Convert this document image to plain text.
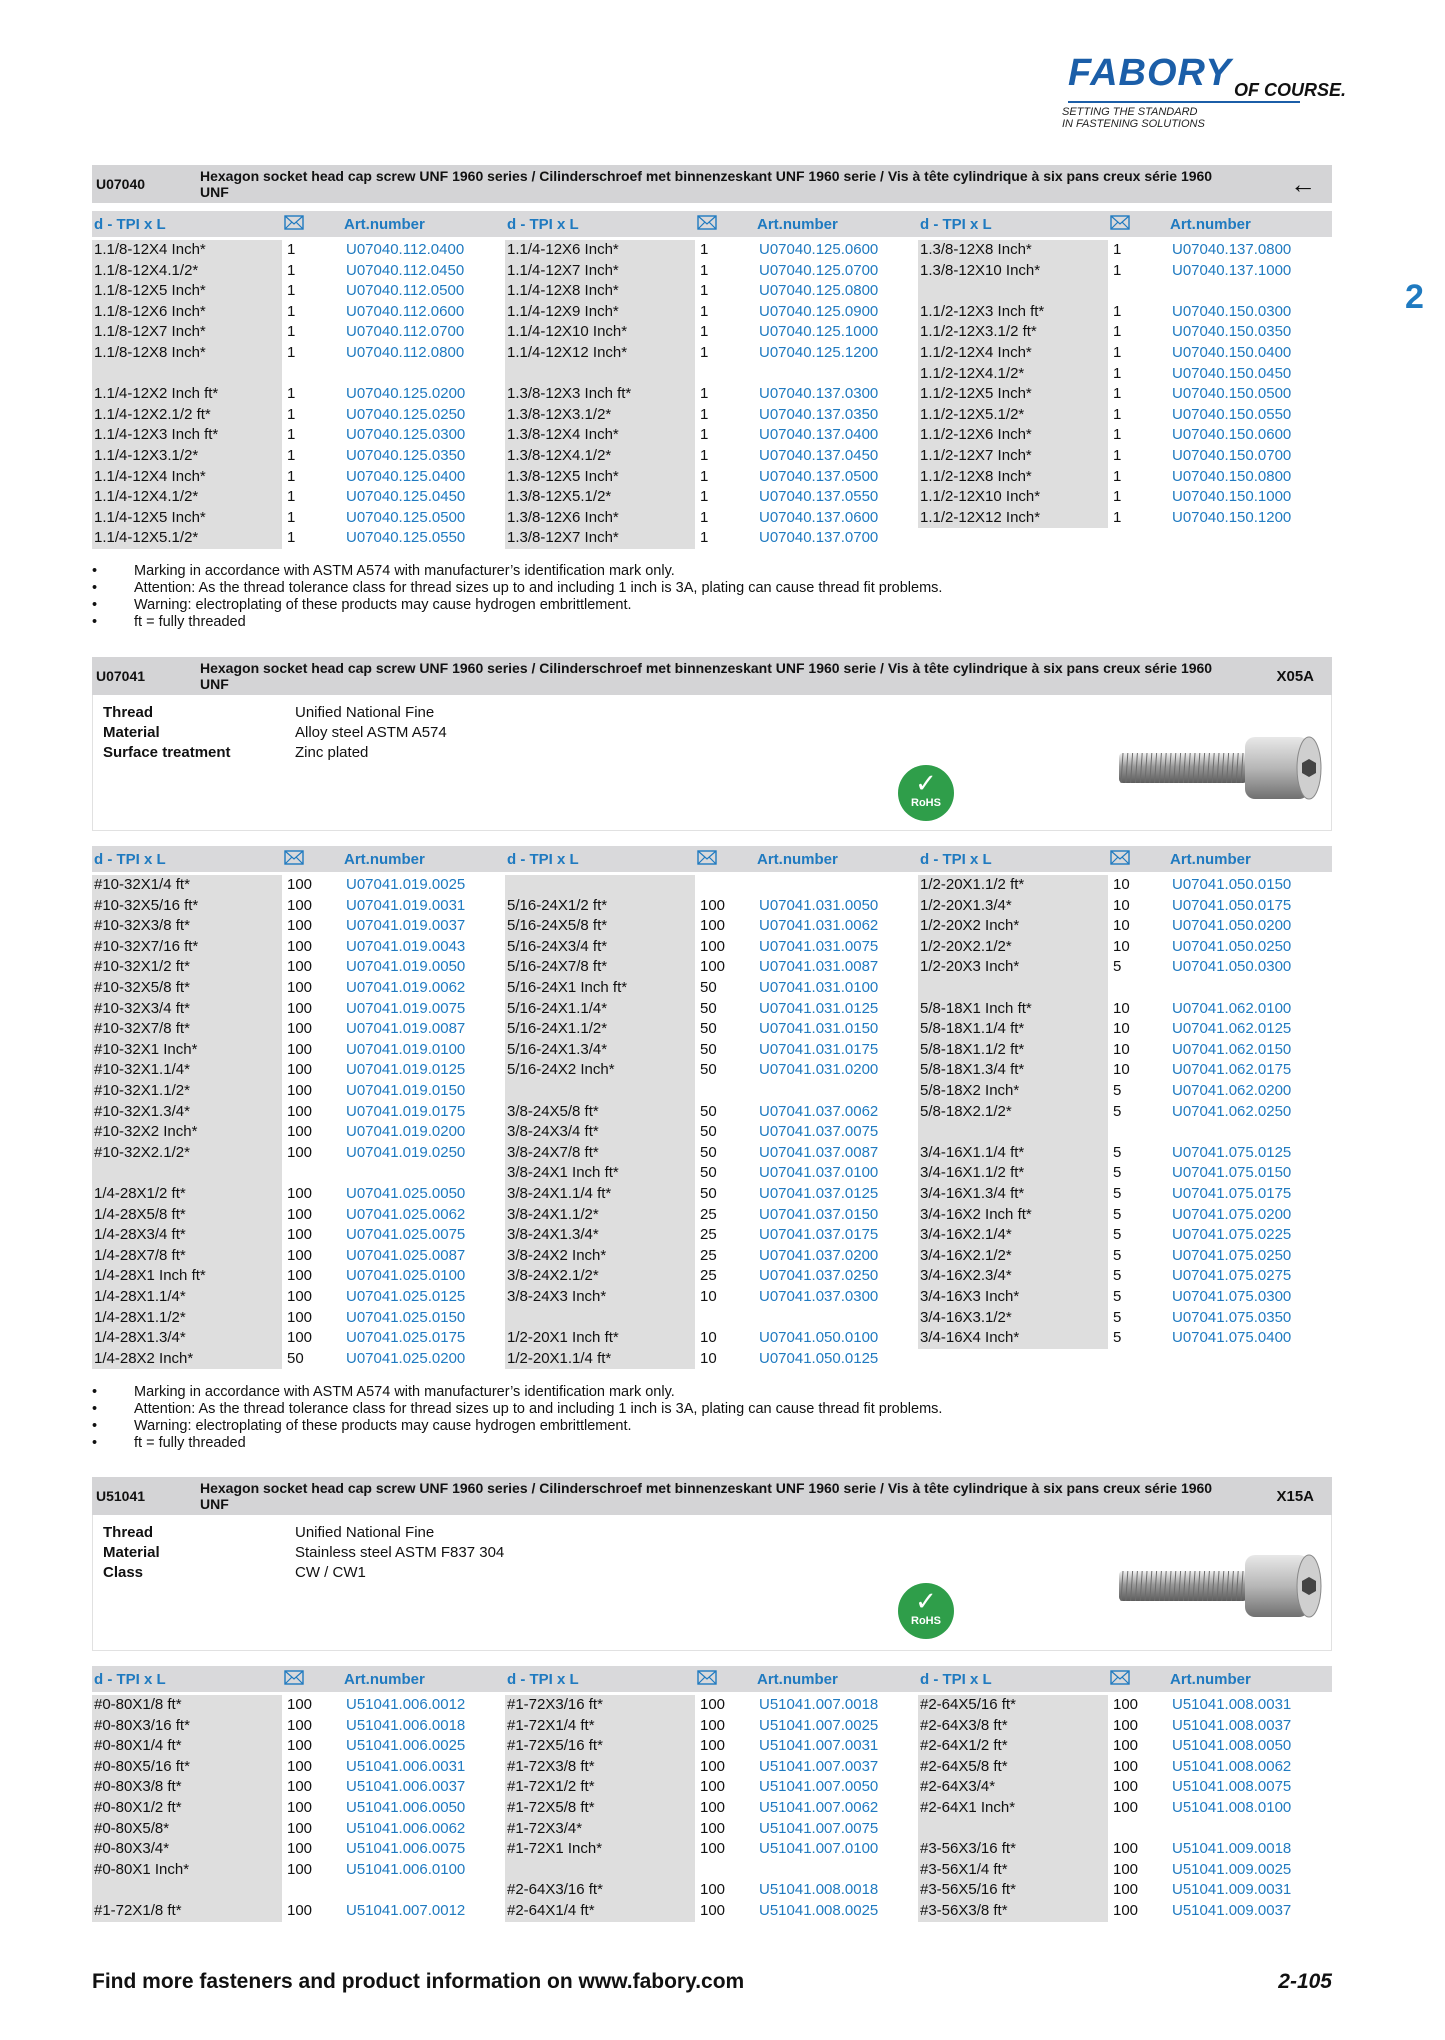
FABORY OF COURSE.
SETTING THE STANDARD
IN FASTENING SOLUTIONS
2
U07040	Hexagon socket head cap screw UNF 1960 series / Cilinderschroef met binnenzeskant UNF 1960 serie / Vis à tête cylindrique à six pans creux série 1960 UNF	←
d - TPI x L	Art.number	d - TPI x L	Art.number	d - TPI x L	Art.number
1.1/8-12X4 Inch*	1	U07040.112.0400
1.1/8-12X4.1/2*	1	U07040.112.0450
1.1/8-12X5 Inch*	1	U07040.112.0500
1.1/8-12X6 Inch*	1	U07040.112.0600
1.1/8-12X7 Inch*	1	U07040.112.0700
1.1/8-12X8 Inch*	1	U07040.112.0800
1.1/4-12X2 Inch ft*	1	U07040.125.0200
1.1/4-12X2.1/2 ft*	1	U07040.125.0250
1.1/4-12X3 Inch ft*	1	U07040.125.0300
1.1/4-12X3.1/2*	1	U07040.125.0350
1.1/4-12X4 Inch*	1	U07040.125.0400
1.1/4-12X4.1/2*	1	U07040.125.0450
1.1/4-12X5 Inch*	1	U07040.125.0500
1.1/4-12X5.1/2*	1	U07040.125.0550
1.1/4-12X6 Inch*	1	U07040.125.0600
1.1/4-12X7 Inch*	1	U07040.125.0700
1.1/4-12X8 Inch*	1	U07040.125.0800
1.1/4-12X9 Inch*	1	U07040.125.0900
1.1/4-12X10 Inch*	1	U07040.125.1000
1.1/4-12X12 Inch*	1	U07040.125.1200
1.3/8-12X3 Inch ft*	1	U07040.137.0300
1.3/8-12X3.1/2*	1	U07040.137.0350
1.3/8-12X4 Inch*	1	U07040.137.0400
1.3/8-12X4.1/2*	1	U07040.137.0450
1.3/8-12X5 Inch*	1	U07040.137.0500
1.3/8-12X5.1/2*	1	U07040.137.0550
1.3/8-12X6 Inch*	1	U07040.137.0600
1.3/8-12X7 Inch*	1	U07040.137.0700
1.3/8-12X8 Inch*	1	U07040.137.0800
1.3/8-12X10 Inch*	1	U07040.137.1000
1.1/2-12X3 Inch ft*	1	U07040.150.0300
1.1/2-12X3.1/2 ft*	1	U07040.150.0350
1.1/2-12X4 Inch*	1	U07040.150.0400
1.1/2-12X4.1/2*	1	U07040.150.0450
1.1/2-12X5 Inch*	1	U07040.150.0500
1.1/2-12X5.1/2*	1	U07040.150.0550
1.1/2-12X6 Inch*	1	U07040.150.0600
1.1/2-12X7 Inch*	1	U07040.150.0700
1.1/2-12X8 Inch*	1	U07040.150.0800
1.1/2-12X10 Inch*	1	U07040.150.1000
1.1/2-12X12 Inch*	1	U07040.150.1200
•	Marking in accordance with ASTM A574 with manufacturer’s identification mark only.
•	Attention: As the thread tolerance class for thread sizes up to and including 1 inch is 3A, plating can cause thread fit problems.
•	Warning: electroplating of these products may cause hydrogen embrittlement.
•	ft = fully threaded
U07041	Hexagon socket head cap screw UNF 1960 series / Cilinderschroef met binnenzeskant UNF 1960 serie / Vis à tête cylindrique à six pans creux série 1960 UNF	X05A
Thread	Unified National Fine
Material	Alloy steel ASTM A574
Surface treatment	Zinc plated
d - TPI x L	Art.number	d - TPI x L	Art.number	d - TPI x L	Art.number
#10-32X1/4 ft*	100 U07041.019.0025
#10-32X5/16 ft*	100 U07041.019.0031
#10-32X3/8 ft*	100 U07041.019.0037
#10-32X7/16 ft*	100 U07041.019.0043
#10-32X1/2 ft*	100 U07041.019.0050
#10-32X5/8 ft*	100 U07041.019.0062
#10-32X3/4 ft*	100 U07041.019.0075
#10-32X7/8 ft*	100 U07041.019.0087
#10-32X1 Inch*	100 U07041.019.0100
#10-32X1.1/4*	100 U07041.019.0125
#10-32X1.1/2*	100 U07041.019.0150
#10-32X1.3/4*	100 U07041.019.0175
#10-32X2 Inch*	100 U07041.019.0200
#10-32X2.1/2*	100 U07041.019.0250
1/4-28X1/2 ft*	100 U07041.025.0050
1/4-28X5/8 ft*	100 U07041.025.0062
1/4-28X3/4 ft*	100 U07041.025.0075
1/4-28X7/8 ft*	100 U07041.025.0087
1/4-28X1 Inch ft*	100 U07041.025.0100
1/4-28X1.1/4*	100 U07041.025.0125
1/4-28X1.1/2*	100 U07041.025.0150
1/4-28X1.3/4*	100 U07041.025.0175
1/4-28X2 Inch*	50	U07041.025.0200
5/16-24X1/2 ft*	100 U07041.031.0050
5/16-24X5/8 ft*	100 U07041.031.0062
5/16-24X3/4 ft*	100 U07041.031.0075
5/16-24X7/8 ft*	100 U07041.031.0087
5/16-24X1 Inch ft*	50	U07041.031.0100
5/16-24X1.1/4*	50	U07041.031.0125
5/16-24X1.1/2*	50	U07041.031.0150
5/16-24X1.3/4*	50	U07041.031.0175
5/16-24X2 Inch*	50	U07041.031.0200
3/8-24X5/8 ft*	50	U07041.037.0062
3/8-24X3/4 ft*	50	U07041.037.0075
3/8-24X7/8 ft*	50	U07041.037.0087
3/8-24X1 Inch ft*	50	U07041.037.0100
3/8-24X1.1/4 ft*	50	U07041.037.0125
3/8-24X1.1/2*	25	U07041.037.0150
3/8-24X1.3/4*	25	U07041.037.0175
3/8-24X2 Inch*	25	U07041.037.0200
3/8-24X2.1/2*	25	U07041.037.0250
3/8-24X3 Inch*	10	U07041.037.0300
1/2-20X1 Inch ft*	10	U07041.050.0100
1/2-20X1.1/4 ft*	10	U07041.050.0125
1/2-20X1.1/2 ft*	10	U07041.050.0150
1/2-20X1.3/4*	10	U07041.050.0175
1/2-20X2 Inch*	10	U07041.050.0200
1/2-20X2.1/2*	10	U07041.050.0250
1/2-20X3 Inch*	5	U07041.050.0300
5/8-18X1 Inch ft*	10	U07041.062.0100
5/8-18X1.1/4 ft*	10	U07041.062.0125
5/8-18X1.1/2 ft*	10	U07041.062.0150
5/8-18X1.3/4 ft*	10	U07041.062.0175
5/8-18X2 Inch*	5	U07041.062.0200
5/8-18X2.1/2*	5	U07041.062.0250
3/4-16X1.1/4 ft*	5	U07041.075.0125
3/4-16X1.1/2 ft*	5	U07041.075.0150
3/4-16X1.3/4 ft*	5	U07041.075.0175
3/4-16X2 Inch ft*	5	U07041.075.0200
3/4-16X2.1/4*	5	U07041.075.0225
3/4-16X2.1/2*	5	U07041.075.0250
3/4-16X2.3/4*	5	U07041.075.0275
3/4-16X3 Inch*	5	U07041.075.0300
3/4-16X3.1/2*	5	U07041.075.0350
3/4-16X4 Inch*	5	U07041.075.0400
•	Marking in accordance with ASTM A574 with manufacturer’s identification mark only.
•	Attention: As the thread tolerance class for thread sizes up to and including 1 inch is 3A, plating can cause thread fit problems.
•	Warning: electroplating of these products may cause hydrogen embrittlement.
•	ft = fully threaded
✓
RoHS
U51041	Hexagon socket head cap screw UNF 1960 series / Cilinderschroef met binnenzeskant UNF 1960 serie / Vis à tête cylindrique à six pans creux série 1960 UNF	X15A
Thread	Unified National Fine
Material	Stainless steel ASTM F837 304
Class	CW / CW1
d - TPI x L	Art.number	d - TPI x L	Art.number	d - TPI x L	Art.number
#0-80X1/8 ft*	100 U51041.006.0012
#0-80X3/16 ft*	100 U51041.006.0018
#0-80X1/4 ft*	100 U51041.006.0025
#0-80X5/16 ft*	100 U51041.006.0031
#0-80X3/8 ft*	100 U51041.006.0037
#0-80X1/2 ft*	100 U51041.006.0050
#0-80X5/8*	100 U51041.006.0062
#0-80X3/4*	100 U51041.006.0075
#0-80X1 Inch*	100 U51041.006.0100
#1-72X1/8 ft*	100 U51041.007.0012
#1-72X3/16 ft*	100 U51041.007.0018
#1-72X1/4 ft*	100 U51041.007.0025
#1-72X5/16 ft*	100 U51041.007.0031
#1-72X3/8 ft*	100 U51041.007.0037
#1-72X1/2 ft*	100 U51041.007.0050
#1-72X5/8 ft*	100 U51041.007.0062
#1-72X3/4*	100 U51041.007.0075
#1-72X1 Inch*	100 U51041.007.0100
#2-64X3/16 ft*	100 U51041.008.0018
#2-64X1/4 ft*	100 U51041.008.0025
#2-64X5/16 ft*	100 U51041.008.0031
#2-64X3/8 ft*	100 U51041.008.0037
#2-64X1/2 ft*	100 U51041.008.0050
#2-64X5/8 ft*	100 U51041.008.0062
#2-64X3/4*	100 U51041.008.0075
#2-64X1 Inch*	100 U51041.008.0100
#3-56X3/16 ft*	100 U51041.009.0018
#3-56X1/4 ft*	100 U51041.009.0025
#3-56X5/16 ft*	100 U51041.009.0031
#3-56X3/8 ft*	100 U51041.009.0037
✓
RoHS
Find more fasteners and product information on www.fabory.com	2-105
